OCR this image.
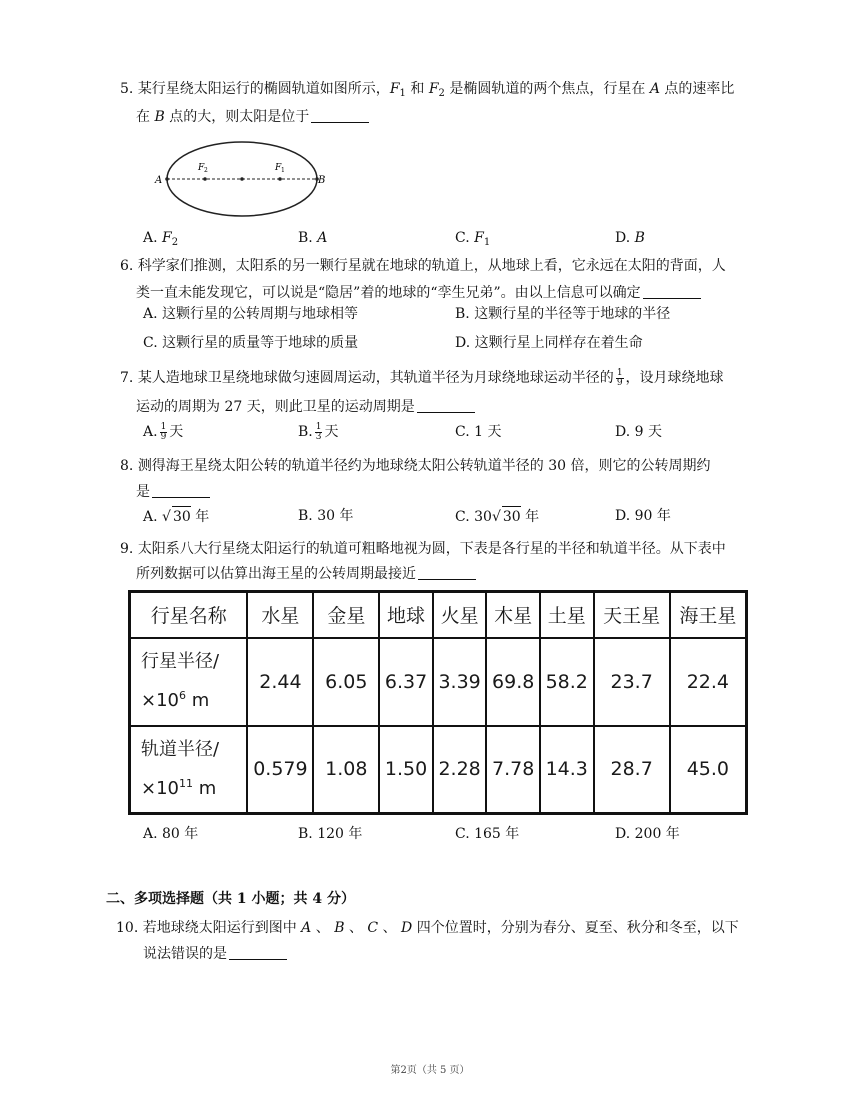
5. 某行星绕太阳运行的椭圆轨道如图所示，$F_1$ 和 $F_2$ 是椭圆轨道的两个焦点，行星在 A 点的速率比
在 B 点的大，则太阳是位于
A	B
F 2	F 1
A. $F_2$	B. A	C. $F_1$	D. B
6. 科学家们推测，太阳系的另一颗行星就在地球的轨道上，从地球上看，它永远在太阳的背面，人
类一直未能发现它，可以说是“隐居”着的地球的“孪生兄弟”。由以上信息可以确定
A. 这颗行星的公转周期与地球相等	B. 这颗行星的半径等于地球的半径
C. 这颗行星的质量等于地球的质量	D. 这颗行星上同样存在着生命
7. 某人造地球卫星绕地球做匀速圆周运动，其轨道半径为月球绕地球运动半径的 $\frac{1}{9}$ ，设月球绕地球
运动的周期为 27 天，则此卫星的运动周期是
A. $\frac{1}{9}$ 天	B. $\frac{1}{3}$ 天	C. 1 天	D. 9 天
8. 测得海王星绕太阳公转的轨道半径约为地球绕太阳公转轨道半径的 30 倍，则它的公转周期约
是
A. √ 30 年	B. 30 年	C. 30√ 30 年	D. 90 年
9. 太阳系八大行星绕太阳运行的轨道可粗略地视为圆，下表是各行星的半径和轨道半径。从下表中
所列数据可以估算出海王星的公转周期最接近
行星名称	水星	金星	地球	火星	木星	土星	天王星	海王星
行星半径/
$\times 10^6$ m	2.44	6.05	6.37	3.39	69.8	58.2	23.7	22.4
轨道半径/
$\times 10^{11}$ m	0.579	1.08	1.50	2.28	7.78	14.3	28.7	45.0
A. 80 年	B. 120 年	C. 165 年	D. 200 年
二、多项选择题（共 1 小题；共 4 分）
10. 若地球绕太阳运行到图中 A 、 B 、 C 、 D 四个位置时，分别为春分、夏至、秋分和冬至，以下
说法错误的是
第2页（共 5 页）
